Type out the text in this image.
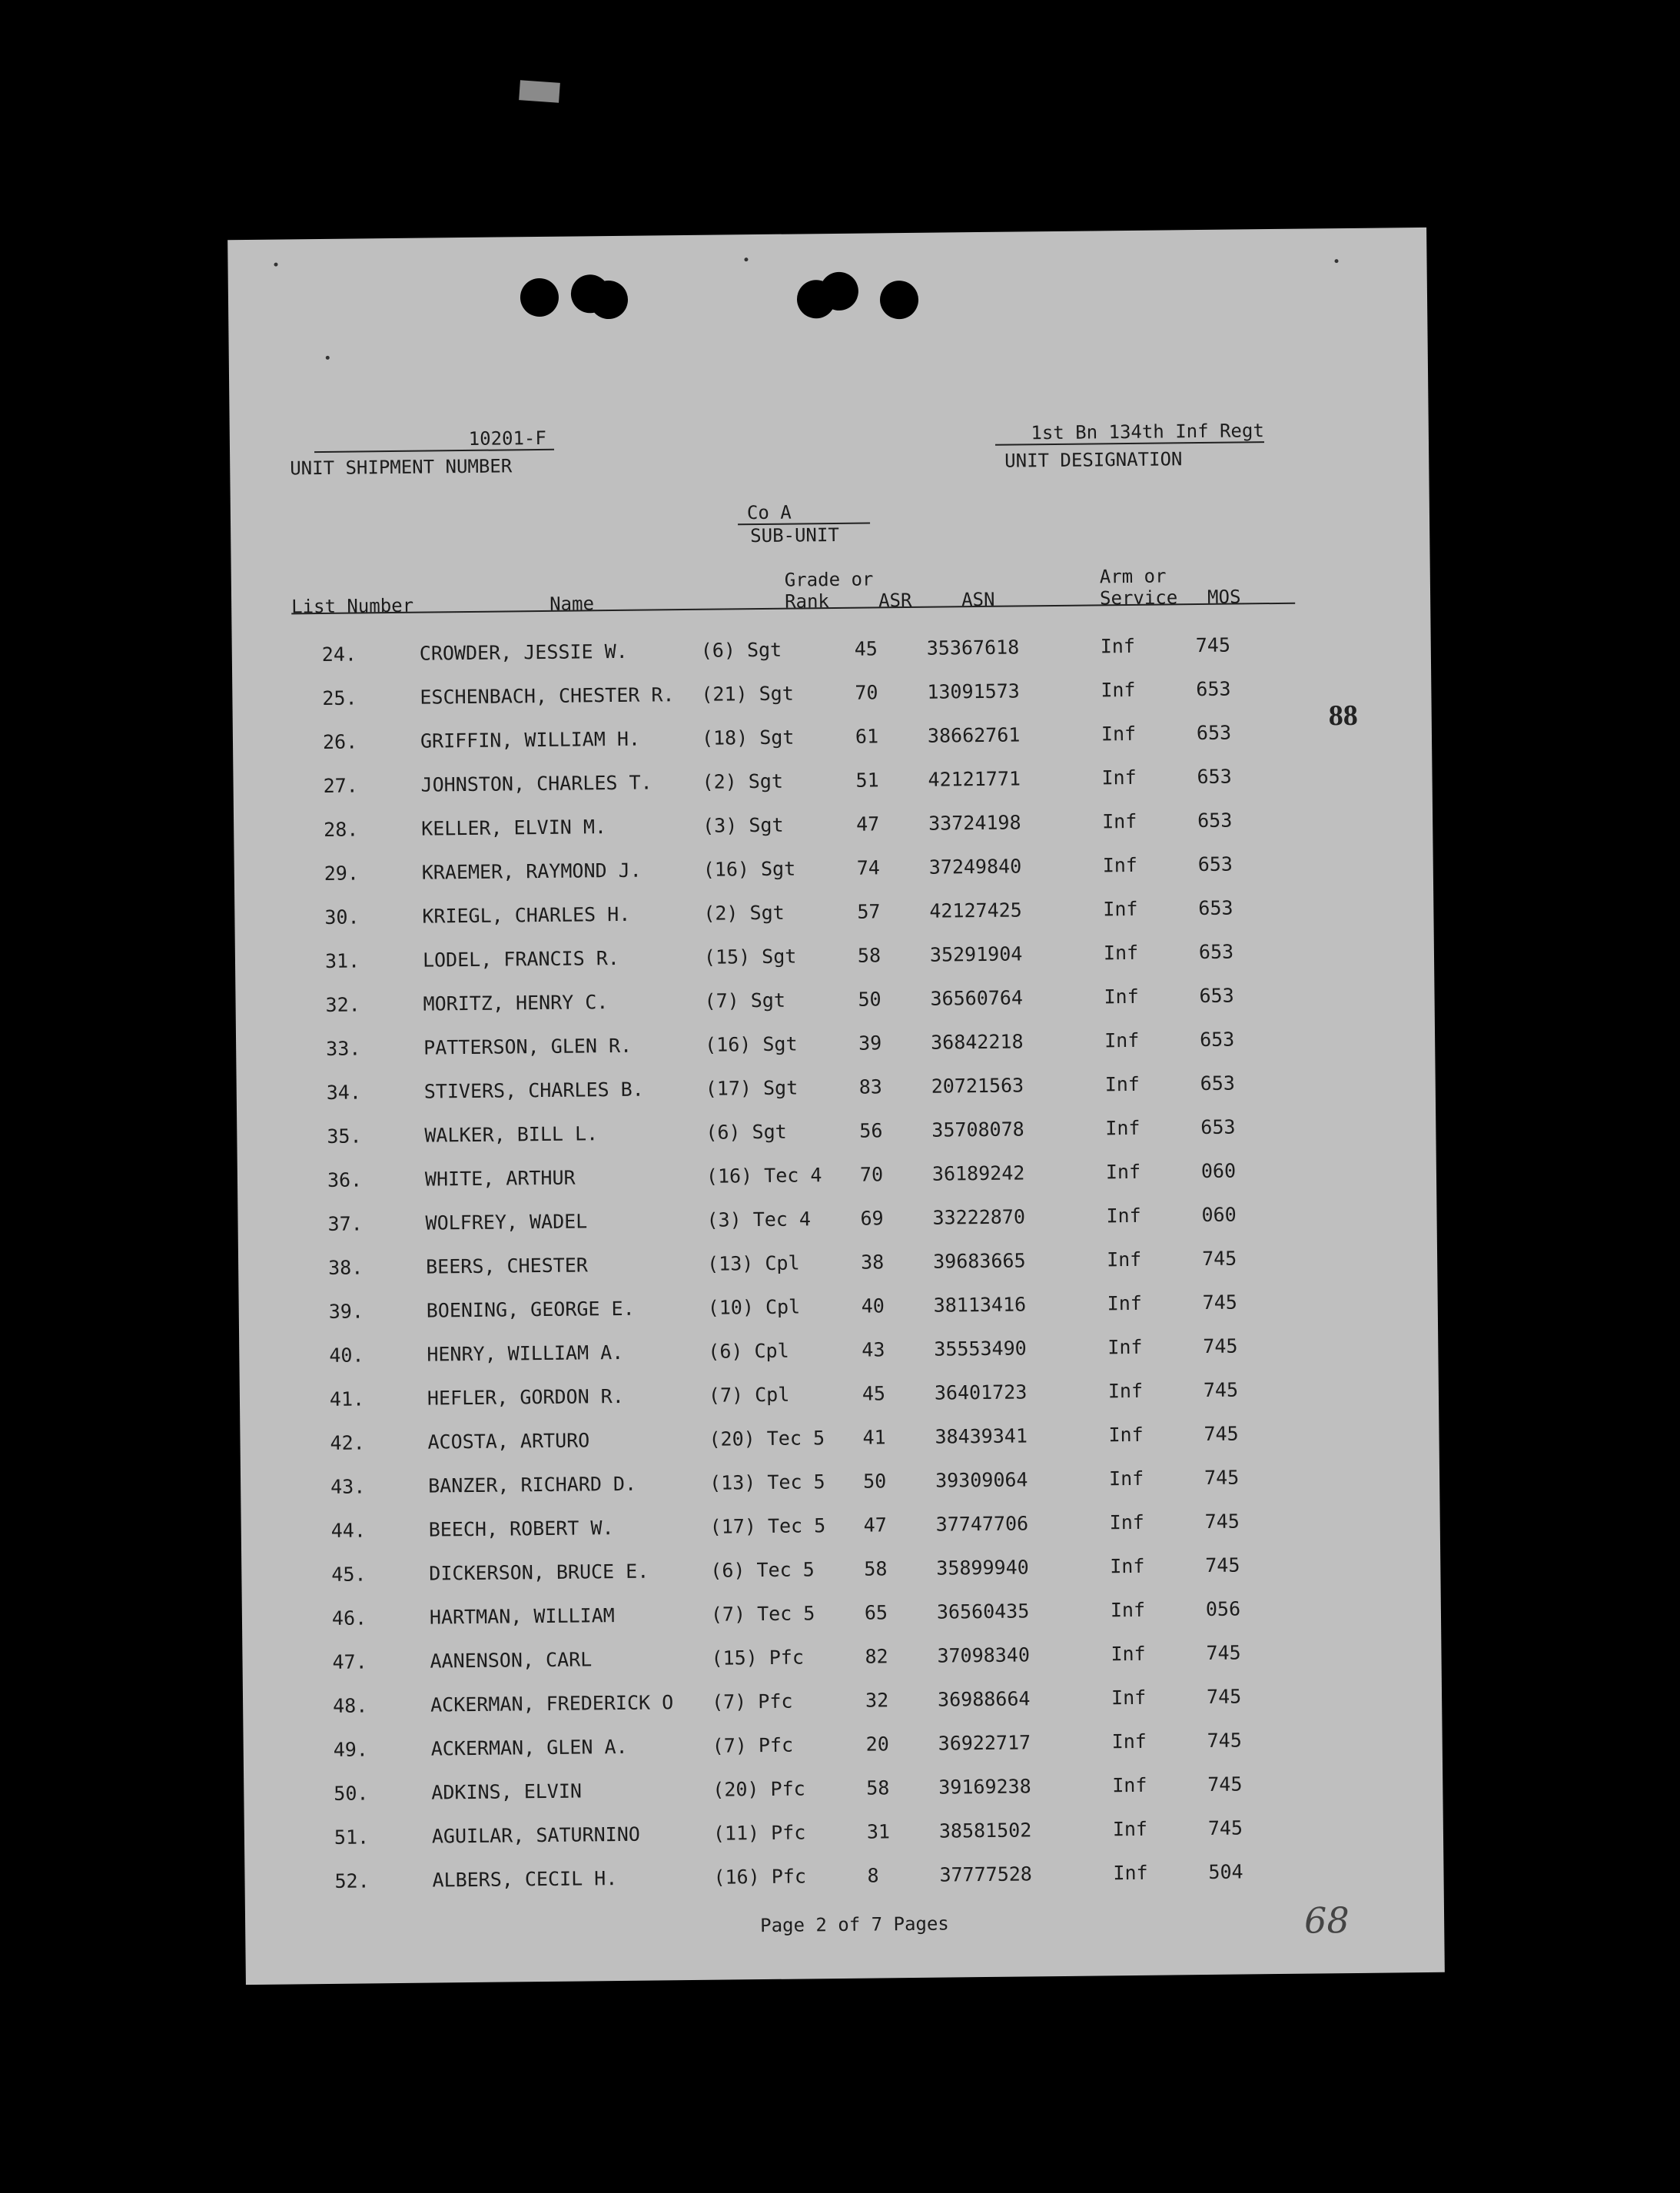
10201-F
UNIT SHIPMENT NUMBER
1st Bn 134th Inf Regt
UNIT DESIGNATION
Co A
SUB-UNIT
Grade or	Arm or
List Number	Name	Rank	ASR	ASN	Service MOS
24.	CROWDER, JESSIE W.	(6) Sgt	45	35367618	Inf	745
25.	ESCHENBACH, CHESTER R. (21) Sgt	70	13091573	Inf	653
26.	GRIFFIN, WILLIAM H.	(18) Sgt	61	38662761	Inf	653
27.	JOHNSTON, CHARLES T.	(2) Sgt	51	42121771	Inf	653
28.	KELLER, ELVIN M.	(3) Sgt	47	33724198	Inf	653
29.	KRAEMER, RAYMOND J.	(16) Sgt	74	37249840	Inf	653
30.	KRIEGL, CHARLES H.	(2) Sgt	57	42127425	Inf	653
31.	LODEL, FRANCIS R.	(15) Sgt	58	35291904	Inf	653
32.	MORITZ, HENRY C.	(7) Sgt	50	36560764	Inf	653
33.	PATTERSON, GLEN R.	(16) Sgt	39	36842218	Inf	653
34.	STIVERS, CHARLES B.	(17) Sgt	83	20721563	Inf	653
35.	WALKER, BILL L.	(6) Sgt	56	35708078	Inf	653
36.	WHITE, ARTHUR	(16) Tec 4 70	36189242	Inf	060
37.	WOLFREY, WADEL	(3) Tec 4	69	33222870	Inf	060
38.	BEERS, CHESTER	(13) Cpl	38	39683665	Inf	745
39.	BOENING, GEORGE E.	(10) Cpl	40	38113416	Inf	745
40.	HENRY, WILLIAM A.	(6) Cpl	43	35553490	Inf	745
41.	HEFLER, GORDON R.	(7) Cpl	45	36401723	Inf	745
42.	ACOSTA, ARTURO	(20) Tec 5 41	38439341	Inf	745
43.	BANZER, RICHARD D.	(13) Tec 5 50	39309064	Inf	745
44.	BEECH, ROBERT W.	(17) Tec 5 47	37747706	Inf	745
45.	DICKERSON, BRUCE E.	(6) Tec 5	58	35899940	Inf	745
46.	HARTMAN, WILLIAM	(7) Tec 5	65	36560435	Inf	056
47.	AANENSON, CARL	(15) Pfc	82	37098340	Inf	745
48.	ACKERMAN, FREDERICK O (7) Pfc	32	36988664	Inf	745
49.	ACKERMAN, GLEN A.	(7) Pfc	20	36922717	Inf	745
50.	ADKINS, ELVIN	(20) Pfc	58	39169238	Inf	745
51.	AGUILAR, SATURNINO	(11) Pfc	31	38581502	Inf	745
52.	ALBERS, CECIL H.	(16) Pfc	8	37777528	Inf	504
88
Page 2 of 7 Pages	68
